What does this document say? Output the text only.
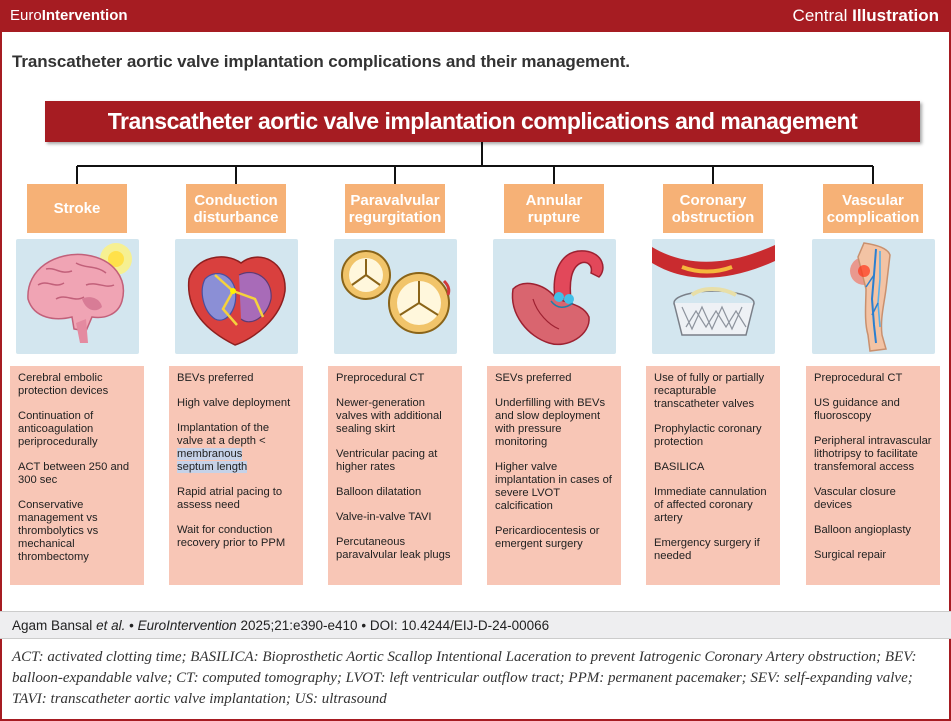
EuroIntervention	Central Illustration
Transcatheter aortic valve implantation complications and their management.
Transcatheter aortic valve implantation complications and management
Stroke
Cerebral embolic protection devices
Continuation of anticoagulation periprocedurally
ACT between 250 and 300 sec
Conservative management vs thrombolytics vs mechanical thrombectomy
Conduction disturbance
BEVs preferred
High valve deployment
Implantation of the valve at a depth < membranous
septum length
Rapid atrial pacing to assess need
Wait for conduction recovery prior to PPM
Paravalvular regurgitation
Preprocedural CT
Newer-generation valves with additional sealing skirt
Ventricular pacing at higher rates
Balloon dilatation
Valve-in-valve TAVI
Percutaneous paravalvular leak plugs
Annular rupture
SEVs preferred
Underfilling with BEVs and slow deployment with pressure monitoring
Higher valve implantation in cases of severe LVOT calcification
Pericardiocentesis or emergent surgery
Coronary obstruction
Use of fully or partially recapturable transcatheter valves
Prophylactic coronary protection
BASILICA
Immediate cannulation of affected coronary artery
Emergency surgery if needed
Vascular complication
Preprocedural CT
US guidance and fluoroscopy
Peripheral intravascular lithotripsy to facilitate transfemoral access
Vascular closure devices
Balloon angioplasty
Surgical repair
Agam Bansal et al. • EuroIntervention 2025;21:e390-e410 • DOI: 10.4244/EIJ-D-24-00066
ACT: activated clotting time; BASILICA: Bioprosthetic Aortic Scallop Intentional Laceration to prevent Iatrogenic Coronary Artery obstruction; BEV: balloon-expandable valve; CT: computed tomography; LVOT: left ventricular outflow tract; PPM: permanent pacemaker; SEV: self-expanding valve; TAVI: transcatheter aortic valve implantation; US: ultrasound
